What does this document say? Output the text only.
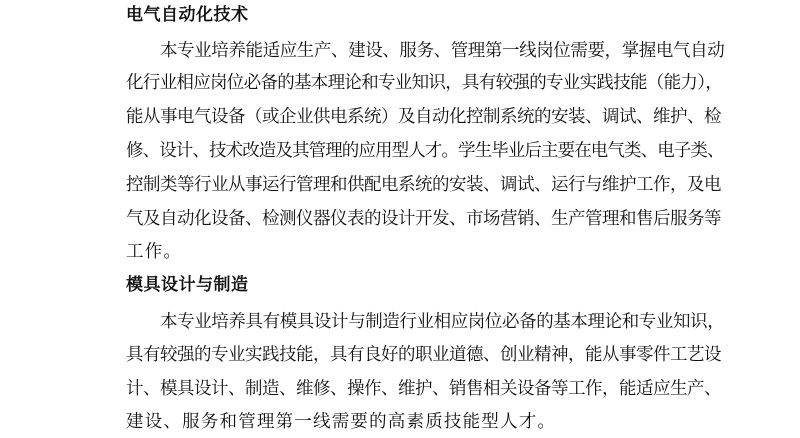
电气自动化技术
本专业培养能适应生产、建设、服务、管理第一线岗位需要，掌握电气自动
化行业相应岗位必备的基本理论和专业知识，具有较强的专业实践技能（能力），
能从事电气设备（或企业供电系统）及自动化控制系统的安装、调试、维护、检
修、设计、技术改造及其管理的应用型人才。学生毕业后主要在电气类、电子类、
控制类等行业从事运行管理和供配电系统的安装、调试、运行与维护工作，及电
气及自动化设备、检测仪器仪表的设计开发、市场营销、生产管理和售后服务等
工作。
模具设计与制造
本专业培养具有模具设计与制造行业相应岗位必备的基本理论和专业知识，
具有较强的专业实践技能，具有良好的职业道德、创业精神，能从事零件工艺设
计、模具设计、制造、维修、操作、维护、销售相关设备等工作，能适应生产、
建设、服务和管理第一线需要的高素质技能型人才。
